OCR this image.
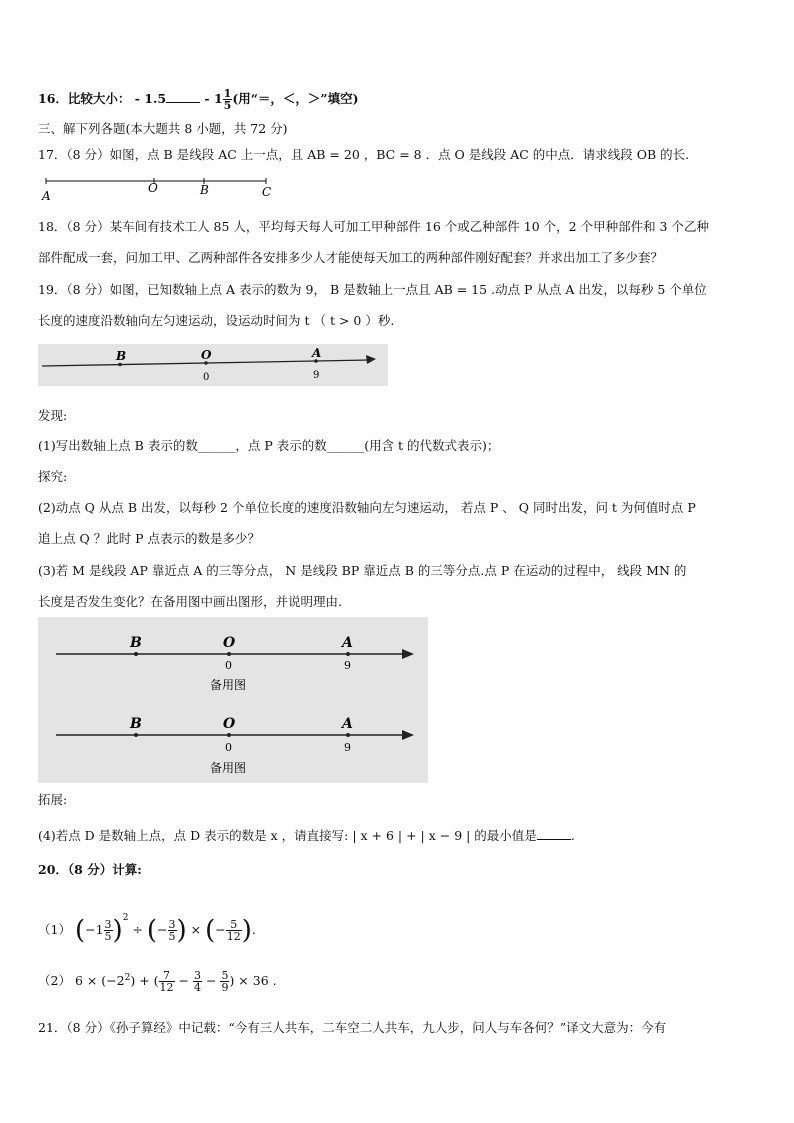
16．比较大小： - 1.5	- $1 \frac{1}{5}$ (用“＝，＜，＞”填空)
三、解下列各题(本大题共 8 小题，共 72 分)
17．（8 分）如图，点 B 是线段 AC 上一点，且 AB = 20 ，BC = 8 ．点 O 是线段 AC 的中点．请求线段 OB 的长.
A
O	B	C
18．（8 分）某车间有技术工人 85 人，平均每天每人可加工甲种部件 16 个或乙种部件 10 个，2 个甲种部件和 3 个乙种
部件配成一套，问加工甲、乙两种部件各安排多少人才能使每天加工的两种部件刚好配套？并求出加工了多少套？
19．（8 分）如图，已知数轴上点 A 表示的数为 9， B 是数轴上一点且 AB = 15 .动点 P 从点 A 出发，以每秒 5 个单位
长度的速度沿数轴向左匀速运动，设运动时间为 t （ t > 0 ）秒.
B	O	A
0	9
发现:
(1)写出数轴上点 B 表示的数______，点 P 表示的数______(用含 t 的代数式表示)；
探究:
(2)动点 Q 从点 B 出发，以每秒 2 个单位长度的速度沿数轴向左匀速运动， 若点 P 、 Q 同时出发，问 t 为何值时点 P
追上点 Q ？此时 P 点表示的数是多少？
(3)若 M 是线段 AP 靠近点 A 的三等分点， N 是线段 BP 靠近点 B 的三等分点.点 P 在运动的过程中， 线段 MN 的
长度是否发生变化？在备用图中画出图形，并说明理由.
B	O	A
0	9
备用图
B	O	A
0	9
备用图
拓展:
(4)若点 D 是数轴上点，点 D 表示的数是 x ，请直接写: | x + 6 | + | x − 9 | 的最小值是	.
20．（8 分）计算:
（1） $(-1 \frac{3}{5} )^2$ ÷ (− $\frac{3}{5}$ ) × (− $\frac{5}{12}$ ).
（2） $6 \times (-2^2)$ + ( $\frac{7}{12} - \frac{3}{4} - \frac{5}{9}$ ) × 36 .
21．（8 分）《孙子算经》中记载：“今有三人共车，二车空二人共车，九人步，问人与车各何？”译文大意为：今有
